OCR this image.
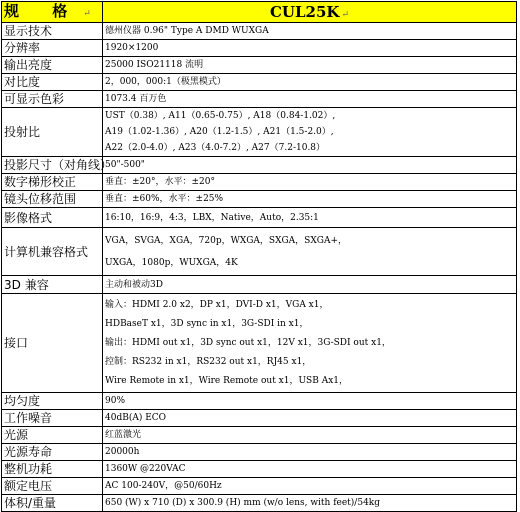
规 格 ↵	CUL25K ↵
显示技术	德州仪器 0.96" Type A DMD WUXGA

分辨率	1920×1200

输出亮度	25000 ISO21118 流明

对比度	2，000，000:1（极黑模式）

可显示色彩	1073.4 百万色

投射比	UST（0.38）, A11（0.65-0.75）, A18（0.84-1.02）,
A19（1.02-1.36）, A20（1.2-1.5）, A21（1.5-2.0）,
A22（2.0-4.0）, A23（4.0-7.2）, A27（7.2-10.8）

投影尺寸（对角线）	50"-500"

数字梯形校正	垂直：±20°，水平：±20°

镜头位移范围	垂直：±60%，水平：±25%

影像格式	16:10，16:9，4:3，LBX，Native，Auto，2.35:1

计算机兼容格式	VGA，SVGA，XGA，720p，WXGA，SXGA，SXGA+，
UXGA，1080p，WUXGA，4K

3D 兼容	主动和被动3D

接口	输入：HDMI 2.0 x2，DP x1，DVI-D x1，VGA x1，
HDBaseT x1，3D sync in x1，3G-SDI in x1，
输出：HDMI out x1，3D sync out x1，12V x1，3G-SDI out x1，
控制：RS232 in x1，RS232 out x1，RJ45 x1，
Wire Remote in x1，Wire Remote out x1，USB Ax1，

均匀度	90%

工作噪音	40dB(A) ECO

光源	红蓝激光

光源寿命	20000h

整机功耗	1360W @220VAC

额定电压	AC 100-240V，@50/60Hz

体积/重量	650 (W) x 710 (D) x 300.9 (H) mm (w/o lens, with feet)/54kg
